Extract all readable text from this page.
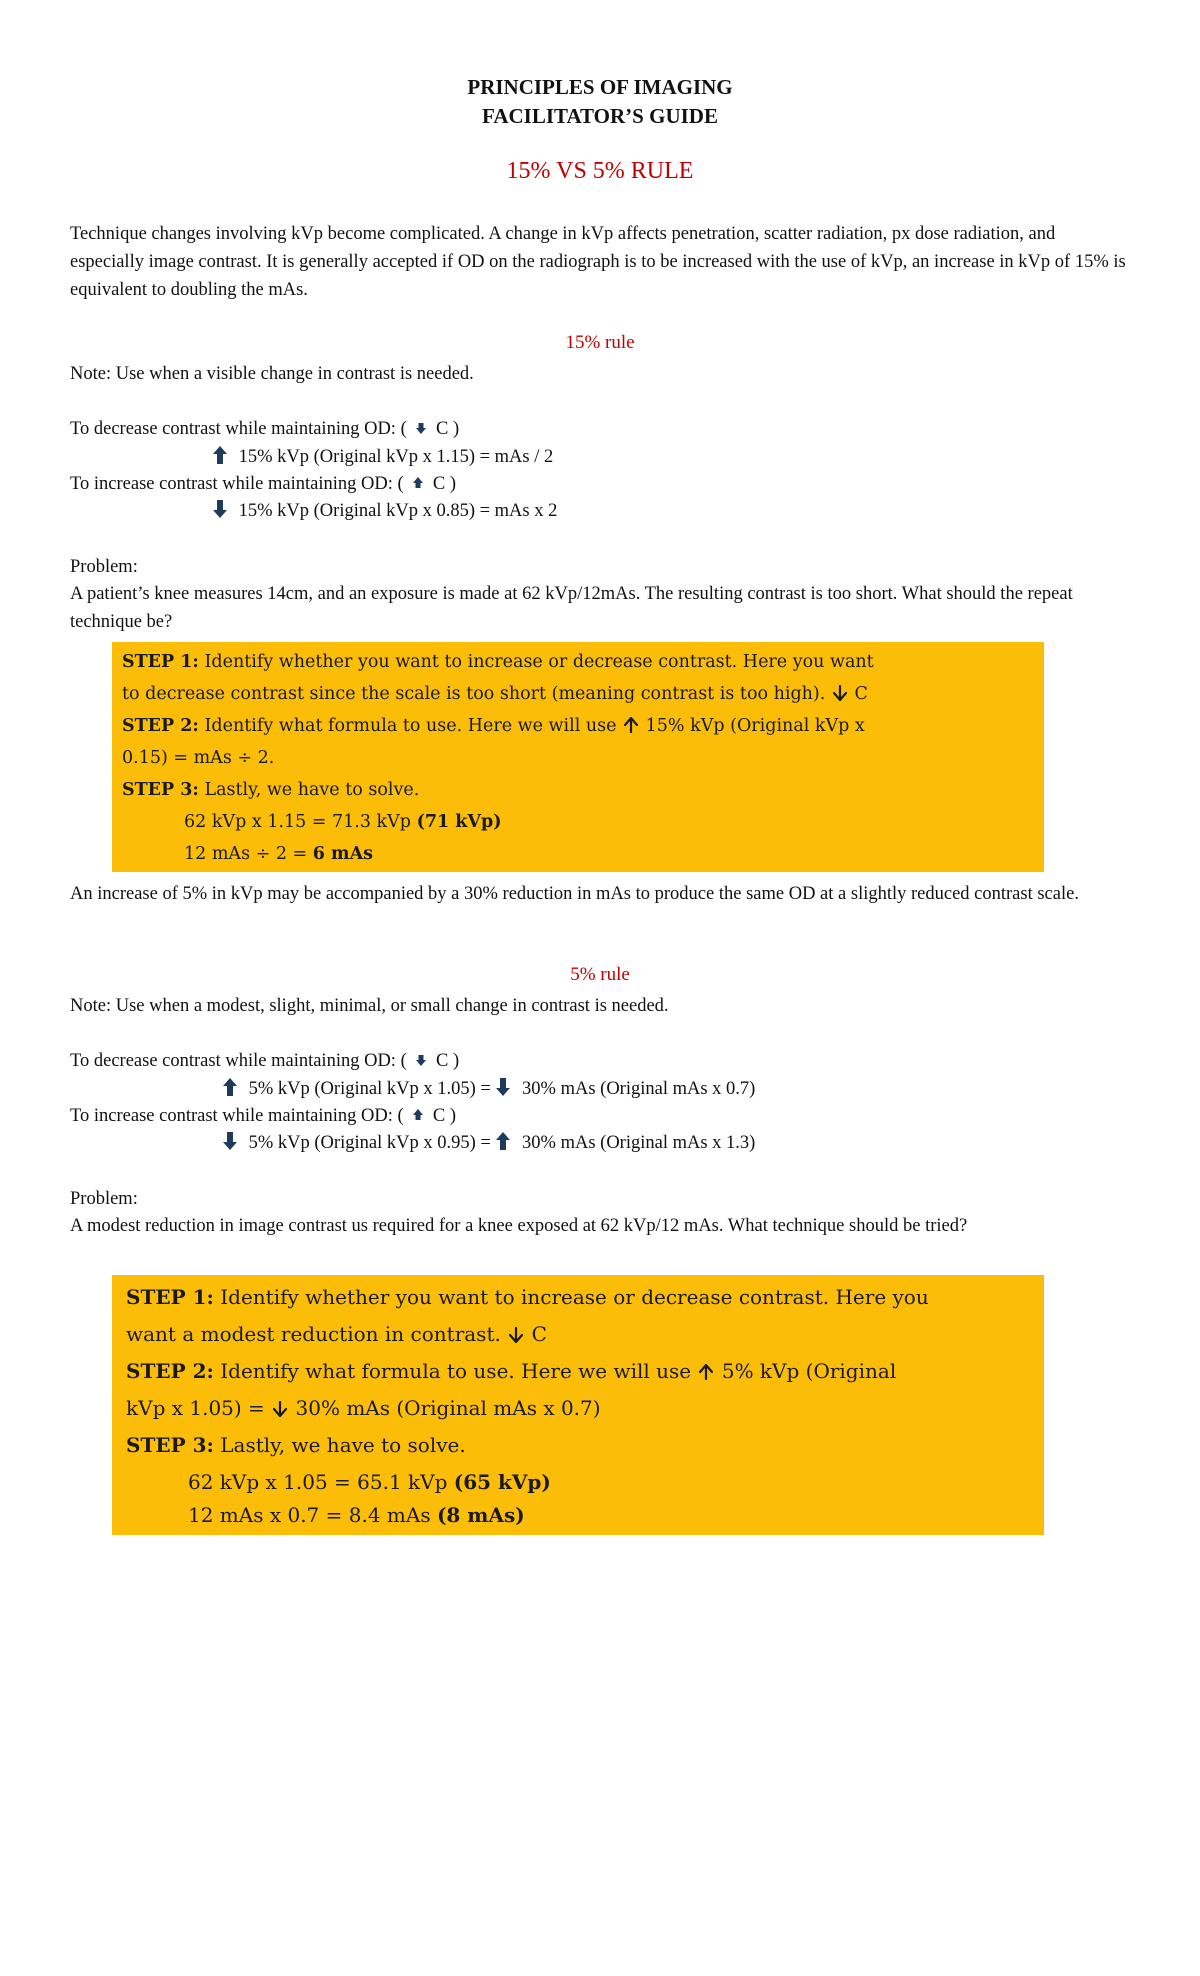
PRINCIPLES OF IMAGING
FACILITATOR’S GUIDE
15% VS 5% RULE
Technique changes involving kVp become complicated. A change in kVp affects penetration, scatter radiation, px dose radiation, and especially image contrast. It is generally accepted if OD on the radiograph is to be increased with the use of kVp, an increase in kVp of 15% is equivalent to doubling the mAs.
15% rule
Note: Use when a visible change in contrast is needed.
To decrease contrast while maintaining OD: ( C )
15% kVp (Original kVp x 1.15) = mAs / 2
To increase contrast while maintaining OD: ( C )
15% kVp (Original kVp x 0.85) = mAs x 2
Problem:
A patient’s knee measures 14cm, and an exposure is made at 62 kVp/12mAs. The resulting contrast is too short. What should the repeat technique be?
STEP 1: Identify whether you want to increase or decrease contrast. Here you want
to decrease contrast since the scale is too short (meaning contrast is too high). C
STEP 2: Identify what formula to use. Here we will use 15% kVp (Original kVp x
0.15) = mAs ÷ 2.
STEP 3: Lastly, we have to solve.
62 kVp x 1.15 = 71.3 kVp (71 kVp)
12 mAs ÷ 2 = 6 mAs
An increase of 5% in kVp may be accompanied by a 30% reduction in mAs to produce the same OD at a slightly reduced contrast scale.
5% rule
Note: Use when a modest, slight, minimal, or small change in contrast is needed.
To decrease contrast while maintaining OD: ( C )
5% kVp (Original kVp x 1.05) = 30% mAs (Original mAs x 0.7)
To increase contrast while maintaining OD: ( C )
5% kVp (Original kVp x 0.95) = 30% mAs (Original mAs x 1.3)
Problem:
A modest reduction in image contrast us required for a knee exposed at 62 kVp/12 mAs. What technique should be tried?
STEP 1: Identify whether you want to increase or decrease contrast. Here you
want a modest reduction in contrast. C
STEP 2: Identify what formula to use. Here we will use 5% kVp (Original
kVp x 1.05) = 30% mAs (Original mAs x 0.7)
STEP 3: Lastly, we have to solve.
62 kVp x 1.05 = 65.1 kVp (65 kVp)
12 mAs x 0.7 = 8.4 mAs (8 mAs)
